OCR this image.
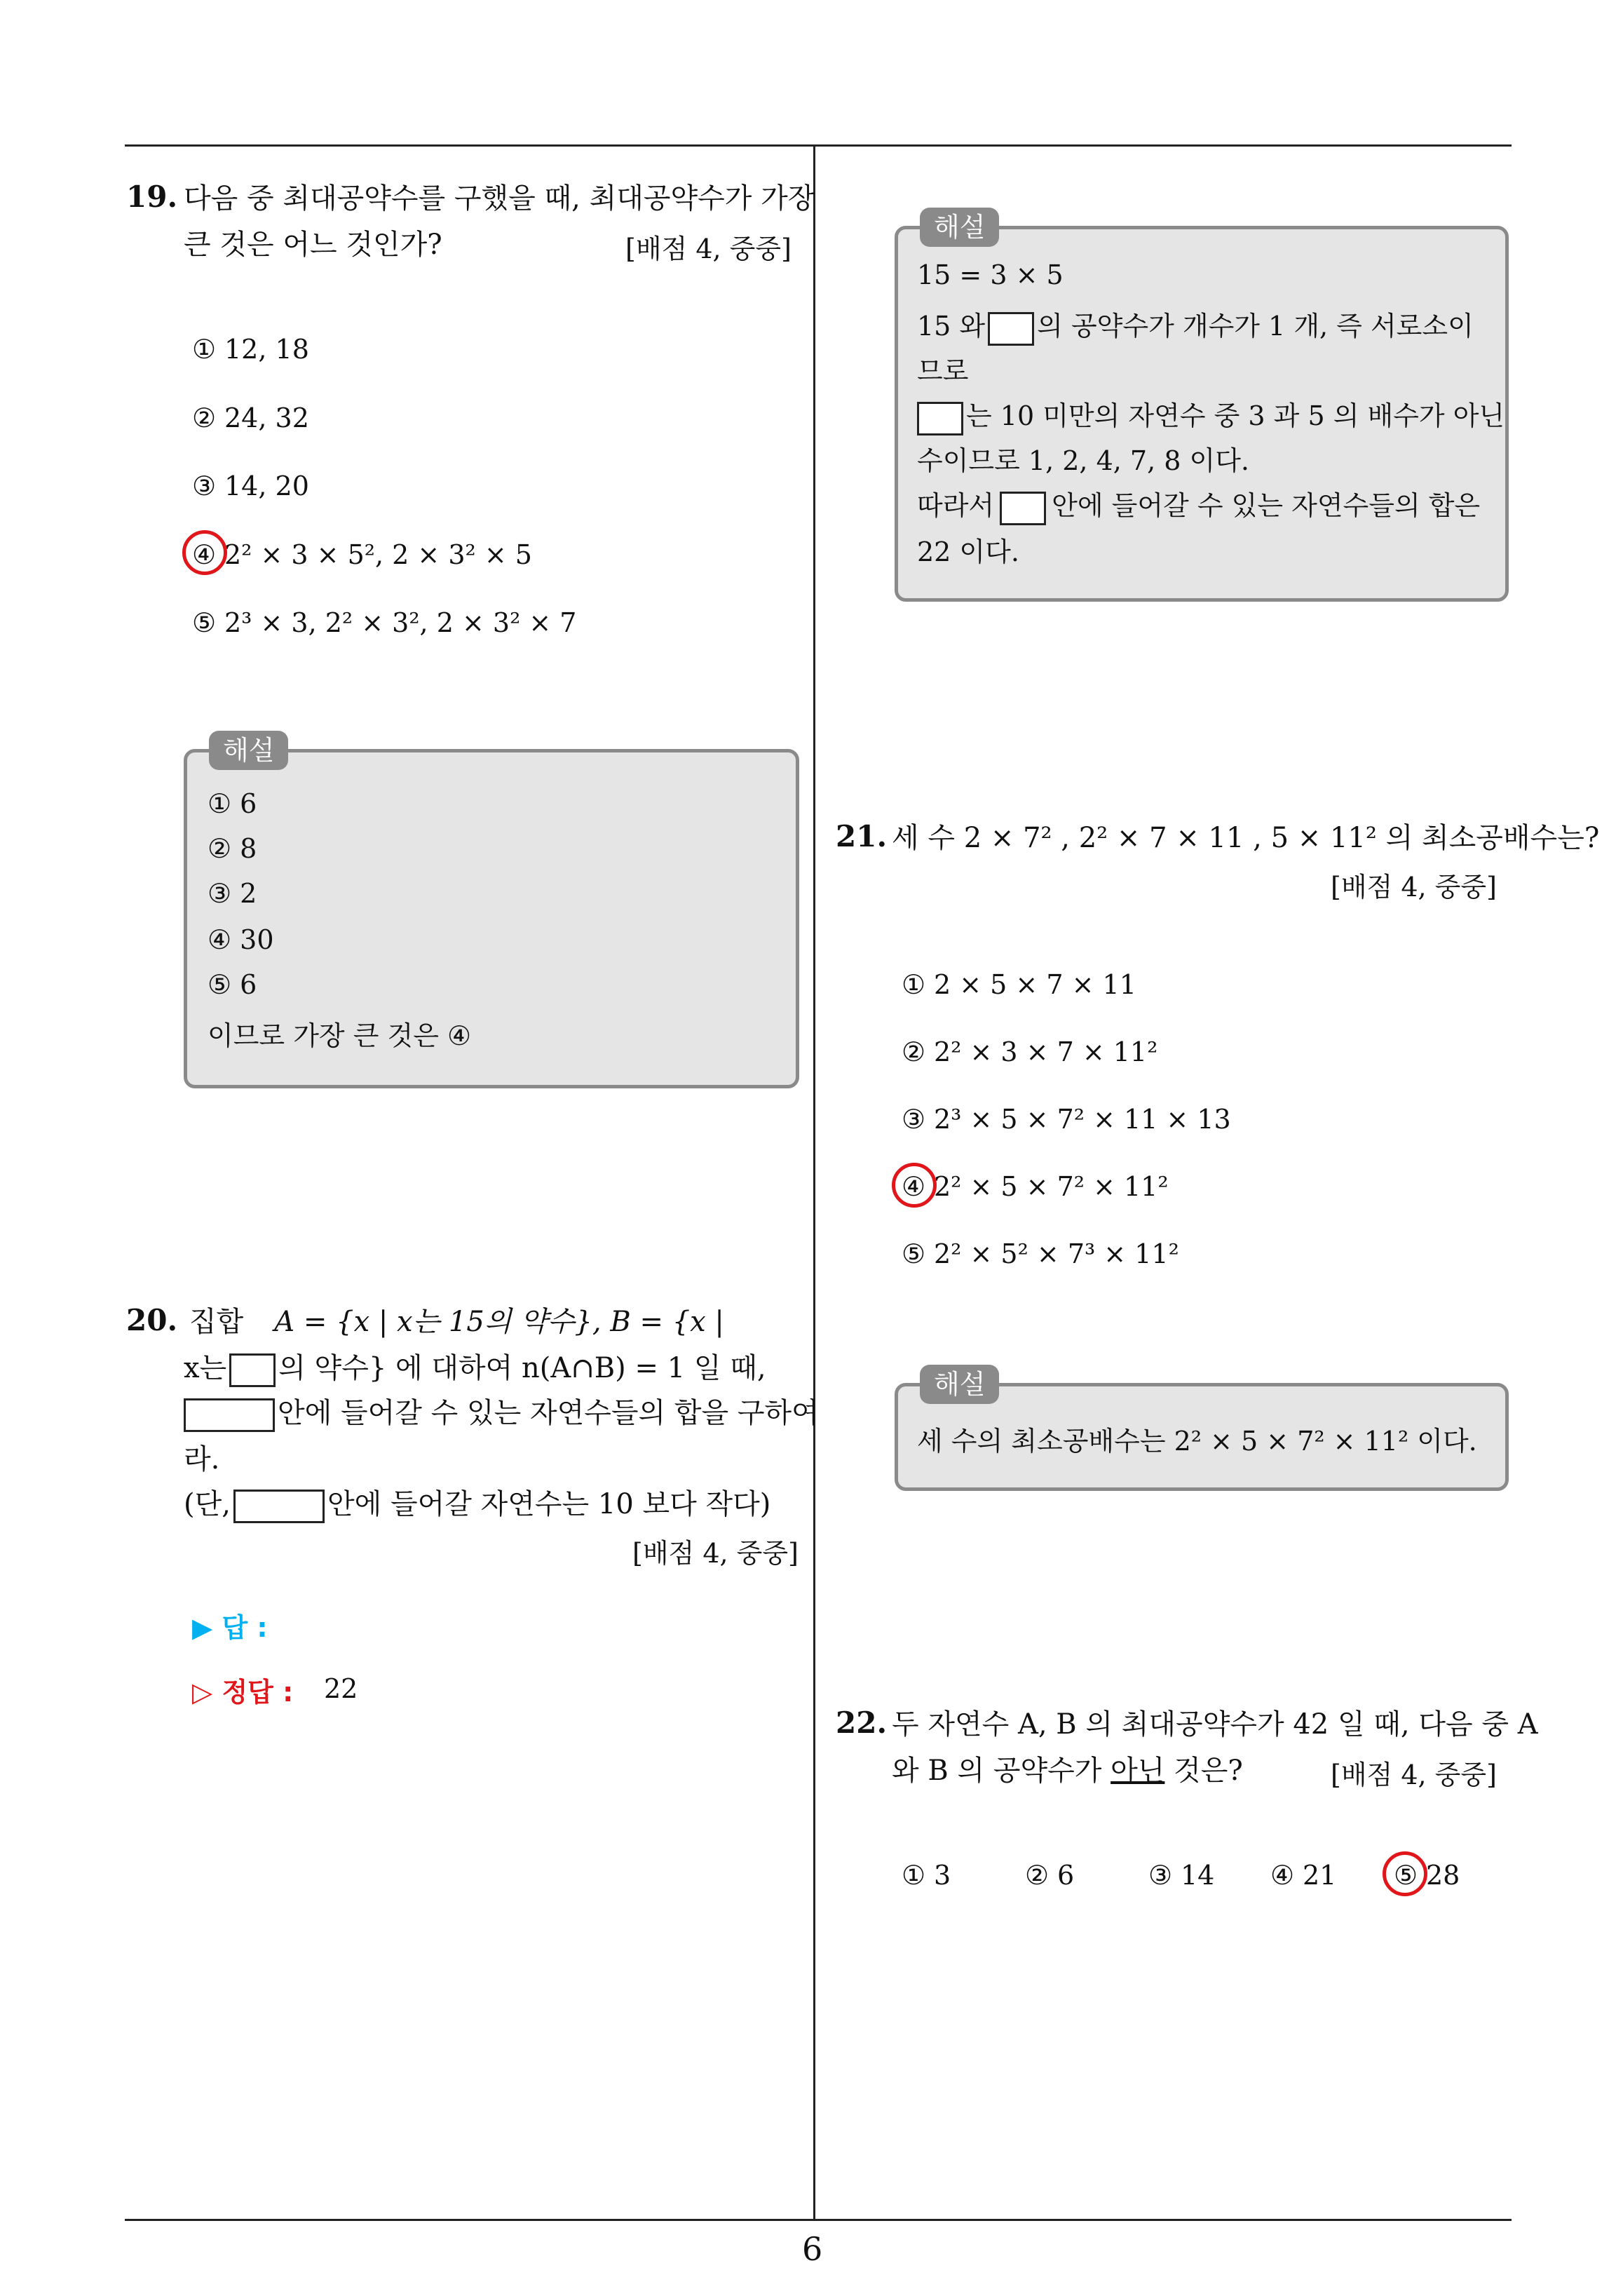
6
19. 다음 중 최대공약수를 구했을 때, 최대공약수가 가장
큰 것은 어느 것인가?	[배점 4, 중중]
① 12, 18
② 24, 32
③ 14, 20
④ 2² × 3 × 5², 2 × 3² × 5
⑤ 2³ × 3, 2² × 3², 2 × 3² × 7
해설
① 6
② 8
③ 2
④ 30
⑤ 6
이므로 가장 큰 것은 ④
20. 집합 A = {x | x는 15의 약수}, B = {x |
x는 의 약수} 에 대하여 n(A∩B) = 1 일 때,
안에 들어갈 수 있는 자연수들의 합을 구하여
라.
(단,	안에 들어갈 자연수는 10 보다 작다)
[배점 4, 중중]
▶ 답 :
▷ 정답 : 22
해설
15 = 3 × 5
15 와 의 공약수가 개수가 1 개, 즉 서로소이
므로
는 10 미만의 자연수 중 3 과 5 의 배수가 아닌
수이므로 1, 2, 4, 7, 8 이다.
따라서 안에 들어갈 수 있는 자연수들의 합은
22 이다.
21. 세 수 2 × 7² , 2² × 7 × 11 , 5 × 11² 의 최소공배수는?
[배점 4, 중중]
① 2 × 5 × 7 × 11
② 2² × 3 × 7 × 11²
③ 2³ × 5 × 7² × 11 × 13
④ 2² × 5 × 7² × 11²
⑤ 2² × 5² × 7³ × 11²
해설
세 수의 최소공배수는 2² × 5 × 7² × 11² 이다.
22. 두 자연수 A, B 의 최대공약수가 42 일 때, 다음 중 A
와 B 의 공약수가 아닌 것은?	[배점 4, 중중]
① 3	② 6	③ 14 ④ 21 ⑤ 28
